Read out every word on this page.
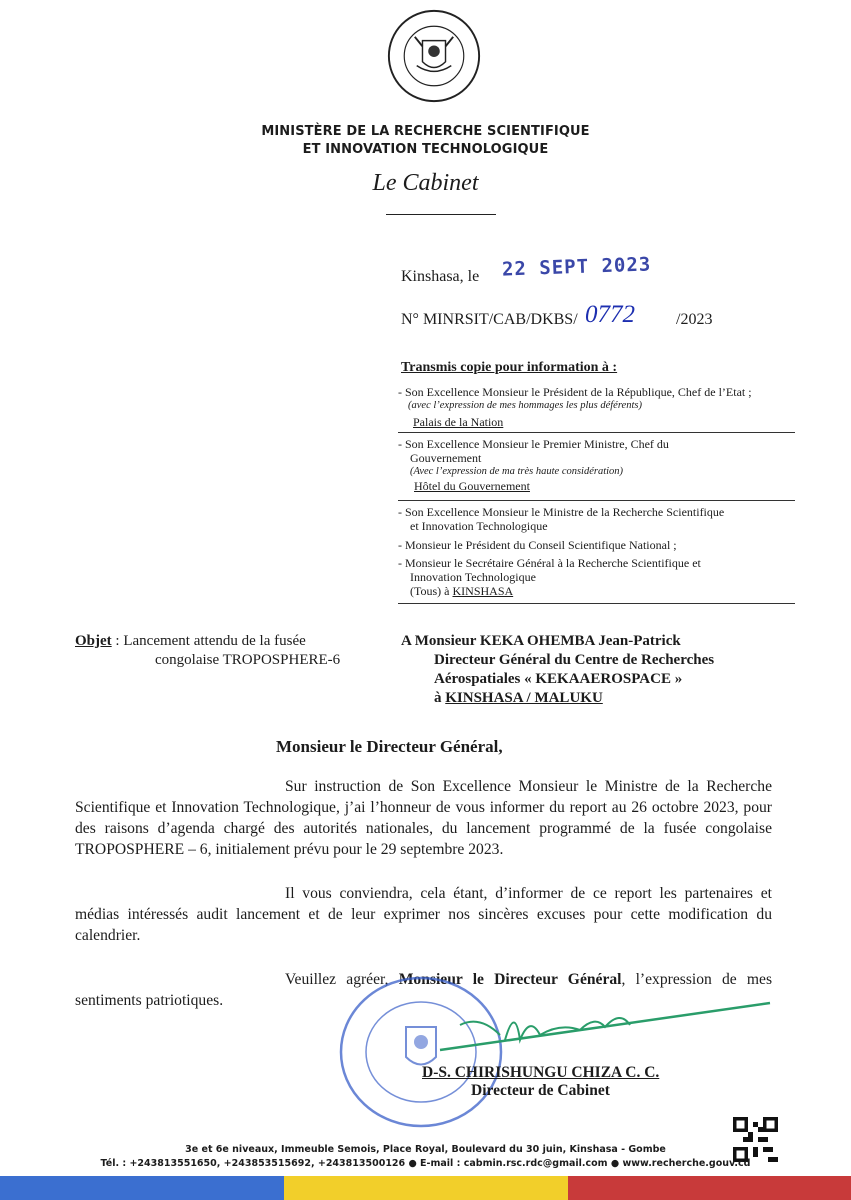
MINISTÈRE DE LA RECHERCHE SCIENTIFIQUE
ET INNOVATION TECHNOLOGIQUE
Le Cabinet
Kinshasa, le 22 SEPT 2023
N° MINRSIT/CAB/DKBS/ 0772	/2023
Transmis copie pour information à :
- Son Excellence Monsieur le Président de la République, Chef de l’Etat ;
(avec l’expression de mes hommages les plus déférents)
Palais de la Nation
- Son Excellence Monsieur le Premier Ministre, Chef du
Gouvernement
(Avec l’expression de ma très haute considération)
Hôtel du Gouvernement
- Son Excellence Monsieur le Ministre de la Recherche Scientifique
et Innovation Technologique
- Monsieur le Président du Conseil Scientifique National ;
- Monsieur le Secrétaire Général à la Recherche Scientifique et
Innovation Technologique
(Tous) à KINSHASA
Objet : Lancement attendu de la fusée
congolaise TROPOSPHERE-6
A Monsieur KEKA OHEMBA Jean-Patrick
Directeur Général du Centre de Recherches
Aérospatiales « KEKAAEROSPACE »
à KINSHASA / MALUKU
Monsieur le Directeur Général,
Sur instruction de Son Excellence Monsieur le Ministre de la Recherche Scientifique et Innovation Technologique, j’ai l’honneur de vous informer du report au 26 octobre 2023, pour des raisons d’agenda chargé des autorités nationales, du lancement programmé de la fusée congolaise TROPOSPHERE – 6, initialement prévu pour le 29 septembre 2023.
Il vous conviendra, cela étant, d’informer de ce report les partenaires et médias intéressés audit lancement et de leur exprimer nos sincères excuses pour cette modification du calendrier.
Veuillez agréer, Monsieur le Directeur Général, l’expression de mes sentiments patriotiques.
D-S. CHIRISHUNGU CHIZA C. C.
Directeur de Cabinet
3e et 6e niveaux, Immeuble Semois, Place Royal, Boulevard du 30 juin, Kinshasa - Gombe
Tél. : +243813551650, +243853515692, +243813500126 ● E-mail : cabmin.rsc.rdc@gmail.com ● www.recherche.gouv.cd
